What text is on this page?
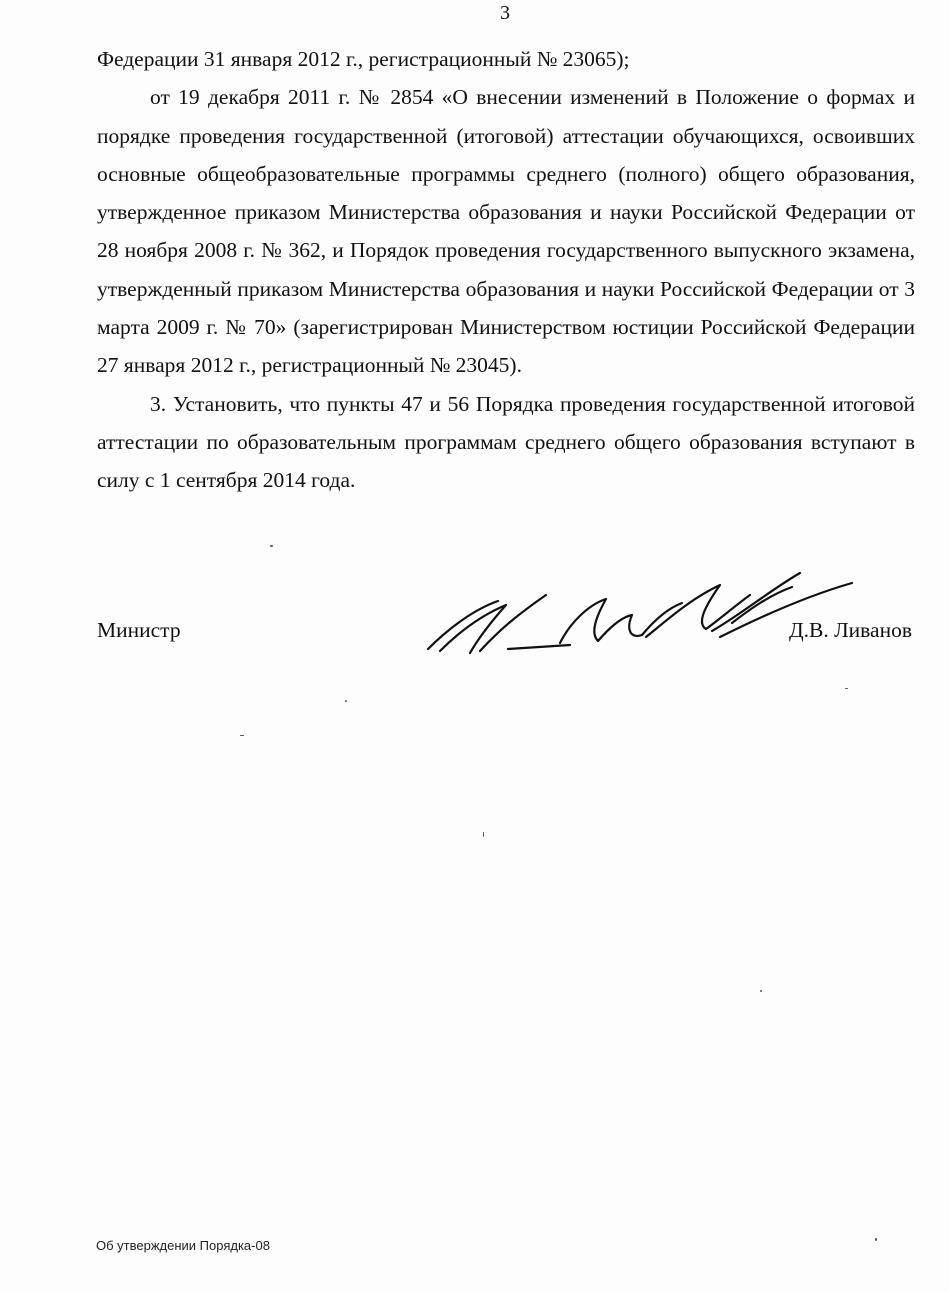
3

Федерации 31 января 2012 г., регистрационный № 23065);

от 19 декабря 2011 г. № 2854 «О внесении изменений в Положение о формах и порядке проведения государственной (итоговой) аттестации обучающихся, освоивших основные общеобразовательные программы среднего (полного) общего образования, утвержденное приказом Министерства образования и науки Российской Федерации от 28 ноября 2008 г. № 362, и Порядок проведения государственного выпускного экзамена, утвержденный приказом Министерства образования и науки Российской Федерации от 3 марта 2009 г. № 70» (зарегистрирован Министерством юстиции Российской Федерации 27 января 2012 г., регистрационный № 23045).

3. Установить, что пункты 47 и 56 Порядка проведения государственной итоговой аттестации по образовательным программам среднего общего образования вступают в силу с 1 сентября 2014 года.

Министр	Д.В. Ливанов
Об утверждении Порядка-08
